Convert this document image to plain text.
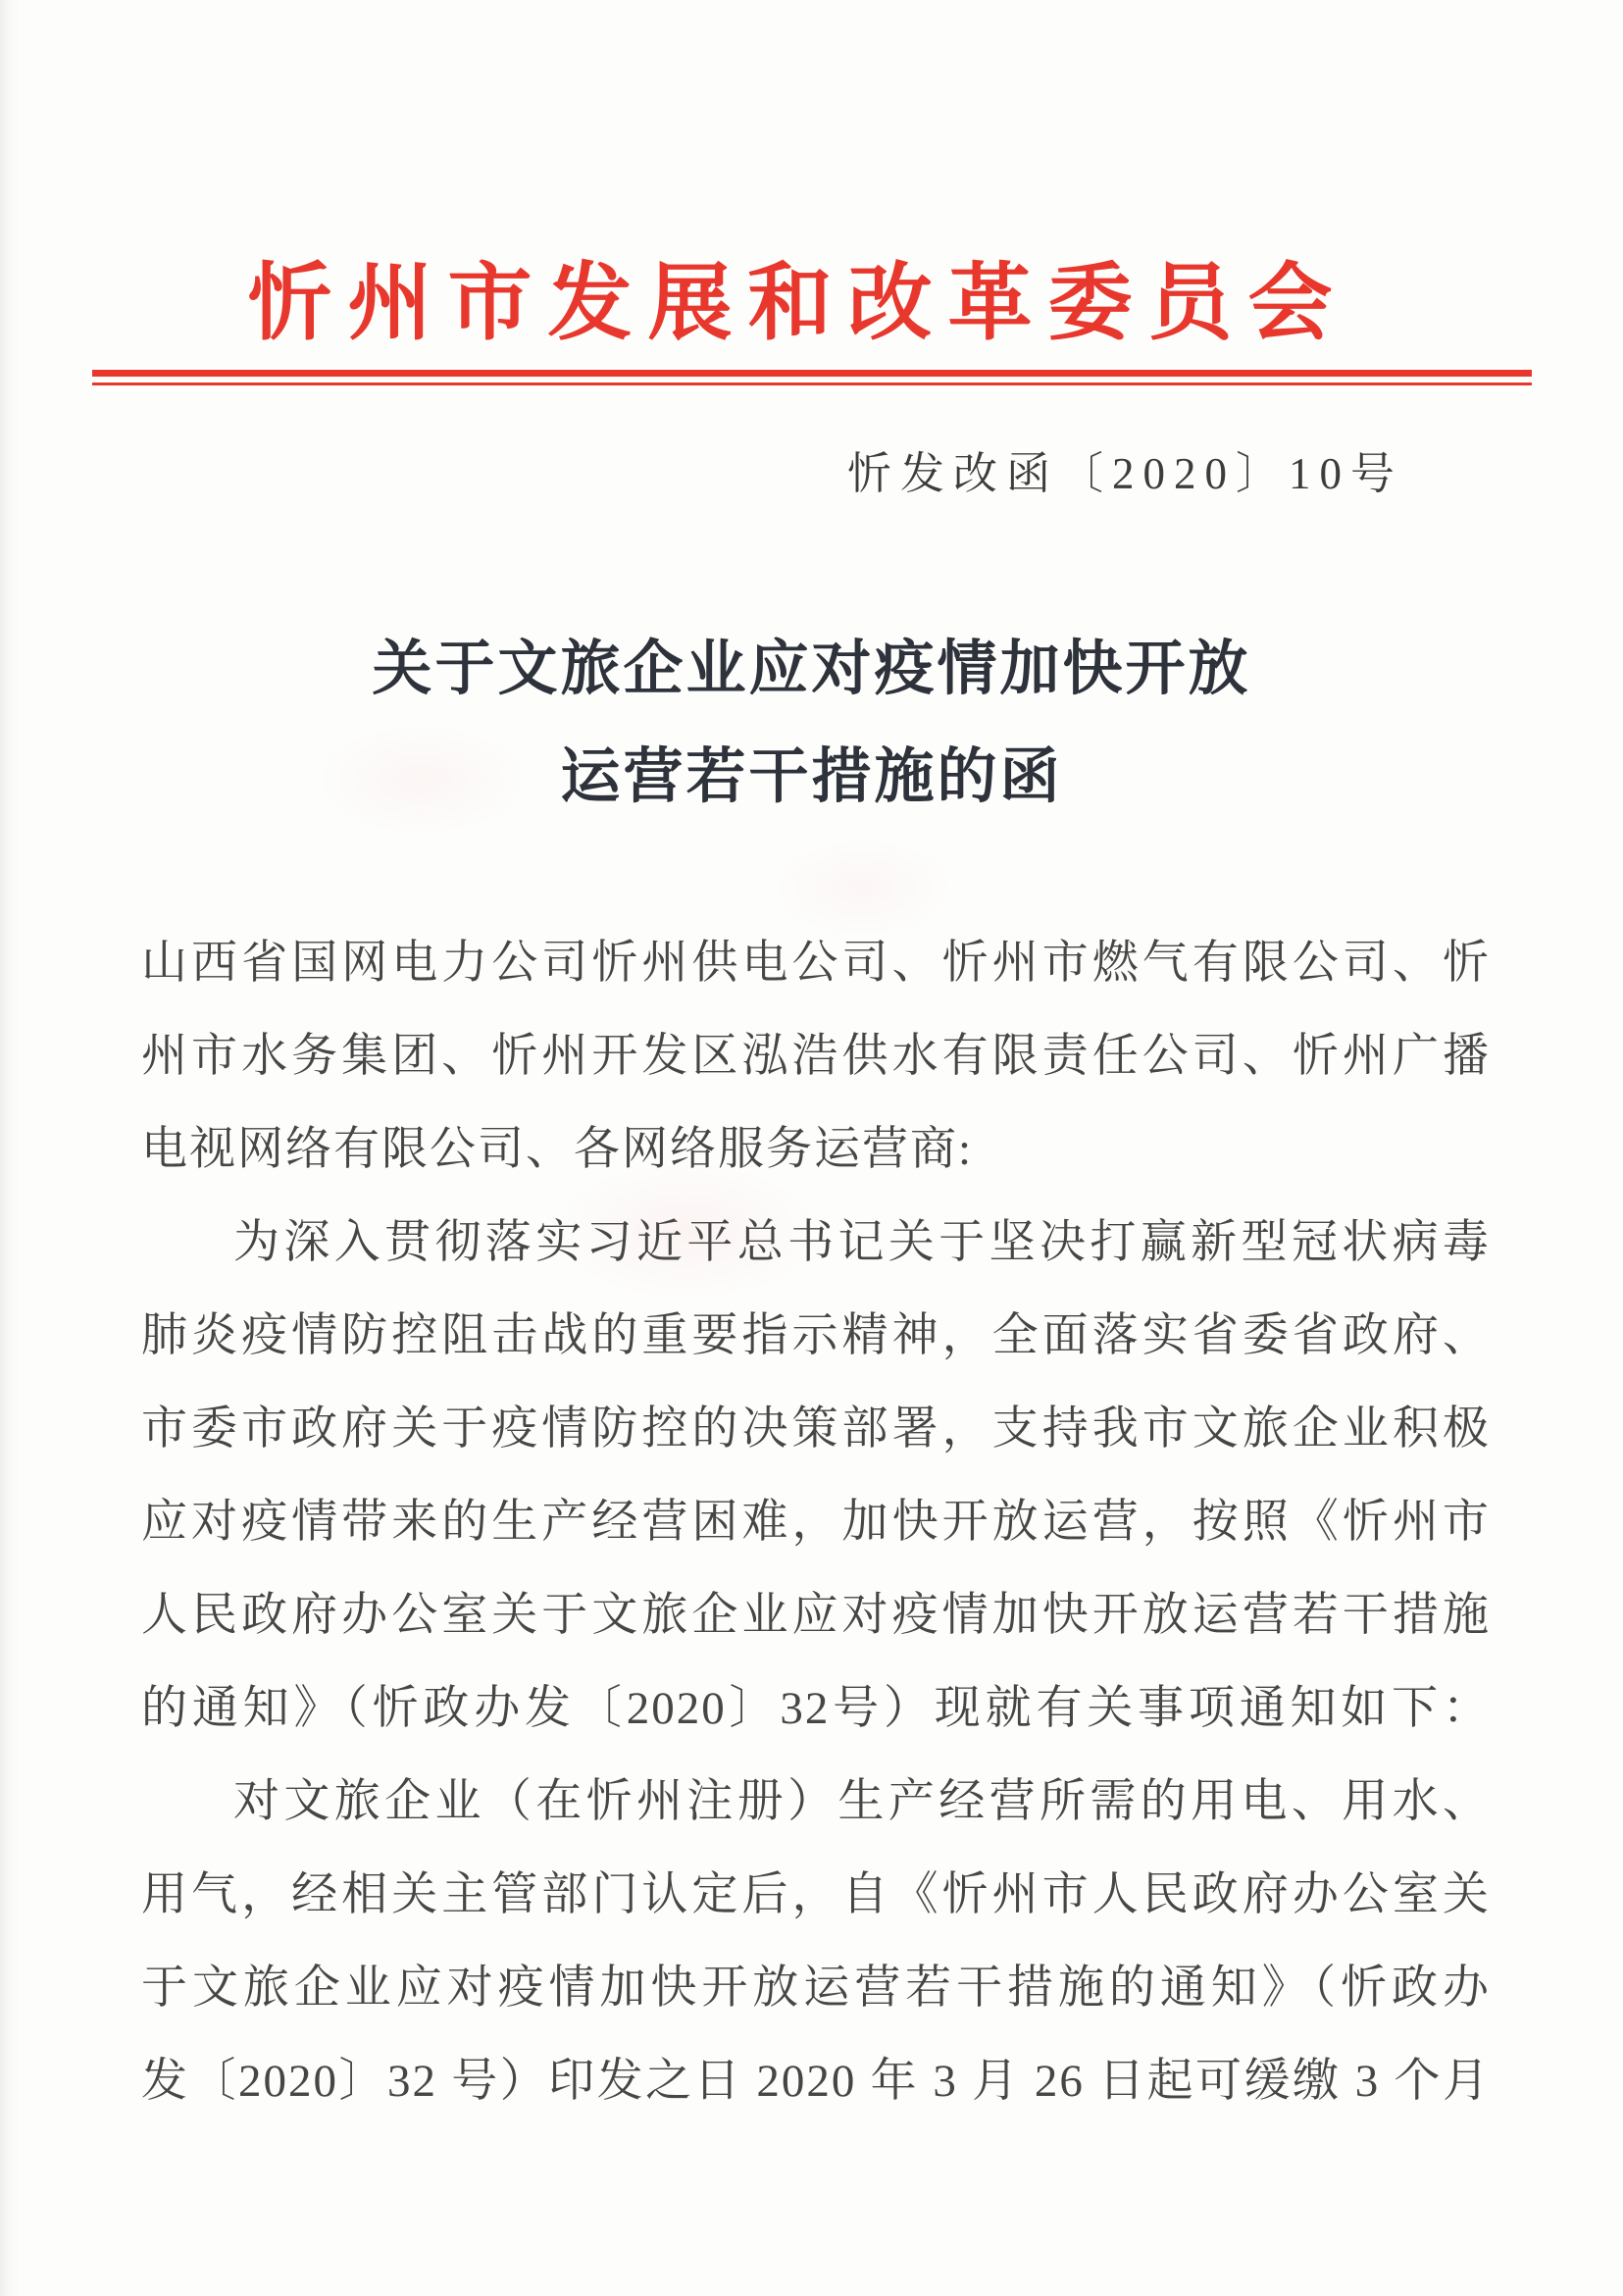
忻州市发展和改革委员会
忻发改函〔2020〕10号
关于文旅企业应对疫情加快开放
运营若干措施的函
山西省国网电力公司忻州供电公司、忻州市燃气有限公司、忻
州市水务集团、忻州开发区泓浩供水有限责任公司、忻州广播
电视网络有限公司、各网络服务运营商:
为深入贯彻落实习近平总书记关于坚决打赢新型冠状病毒
肺炎疫情防控阻击战的重要指示精神，全面落实省委省政府、
市委市政府关于疫情防控的决策部署，支持我市文旅企业积极
应对疫情带来的生产经营困难，加快开放运营，按照《忻州市
人民政府办公室关于文旅企业应对疫情加快开放运营若干措施
的通知》（忻政办发〔2020〕32号）现就有关事项通知如下：
对文旅企业（在忻州注册）生产经营所需的用电、用水、
用气，经相关主管部门认定后，自《忻州市人民政府办公室关
于文旅企业应对疫情加快开放运营若干措施的通知》（忻政办
发〔2020〕32 号）印发之日 2020 年 3 月 26 日起可缓缴 3 个月
